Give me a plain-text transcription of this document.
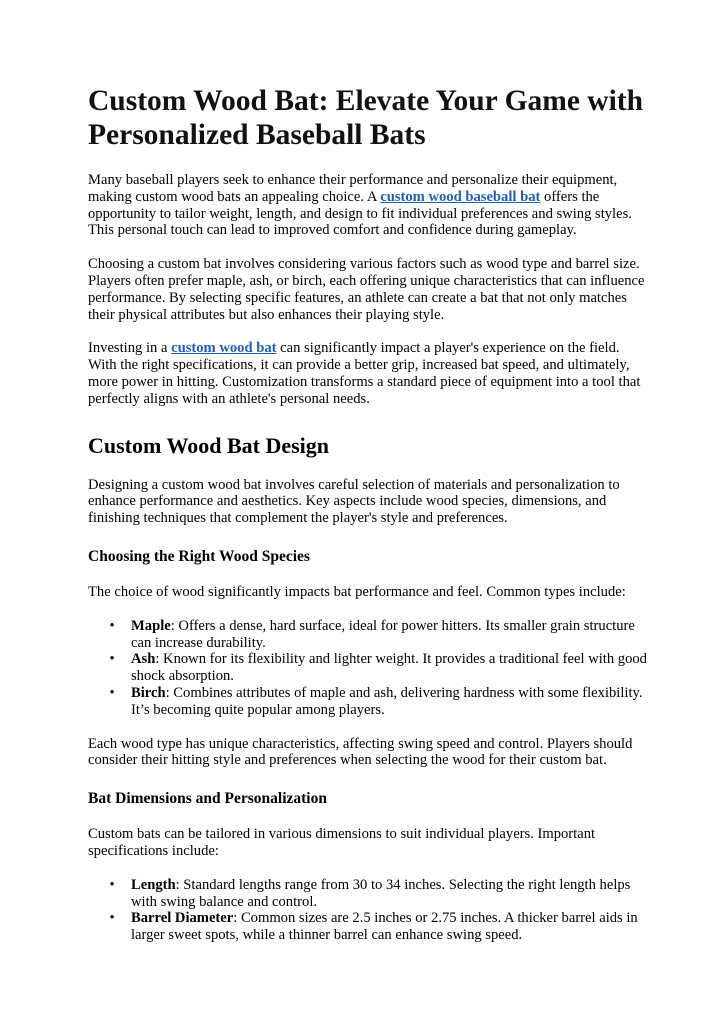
Custom Wood Bat: Elevate Your Game with Personalized Baseball Bats

Many baseball players seek to enhance their performance and personalize their equipment, making custom wood bats an appealing choice. A custom wood baseball bat offers the opportunity to tailor weight, length, and design to fit individual preferences and swing styles. This personal touch can lead to improved comfort and confidence during gameplay.

Choosing a custom bat involves considering various factors such as wood type and barrel size. Players often prefer maple, ash, or birch, each offering unique characteristics that can influence performance. By selecting specific features, an athlete can create a bat that not only matches their physical attributes but also enhances their playing style.

Investing in a custom wood bat can significantly impact a player's experience on the field. With the right specifications, it can provide a better grip, increased bat speed, and ultimately, more power in hitting. Customization transforms a standard piece of equipment into a tool that perfectly aligns with an athlete's personal needs.

Custom Wood Bat Design

Designing a custom wood bat involves careful selection of materials and personalization to enhance performance and aesthetics. Key aspects include wood species, dimensions, and finishing techniques that complement the player's style and preferences.

Choosing the Right Wood Species

The choice of wood significantly impacts bat performance and feel. Common types include:

• Maple: Offers a dense, hard surface, ideal for power hitters. Its smaller grain structure can increase durability.
• Ash: Known for its flexibility and lighter weight. It provides a traditional feel with good shock absorption.
• Birch: Combines attributes of maple and ash, delivering hardness with some flexibility. It’s becoming quite popular among players.

Each wood type has unique characteristics, affecting swing speed and control. Players should consider their hitting style and preferences when selecting the wood for their custom bat.

Bat Dimensions and Personalization

Custom bats can be tailored in various dimensions to suit individual players. Important specifications include:

• Length: Standard lengths range from 30 to 34 inches. Selecting the right length helps with swing balance and control.
• Barrel Diameter: Common sizes are 2.5 inches or 2.75 inches. A thicker barrel aids in larger sweet spots, while a thinner barrel can enhance swing speed.
